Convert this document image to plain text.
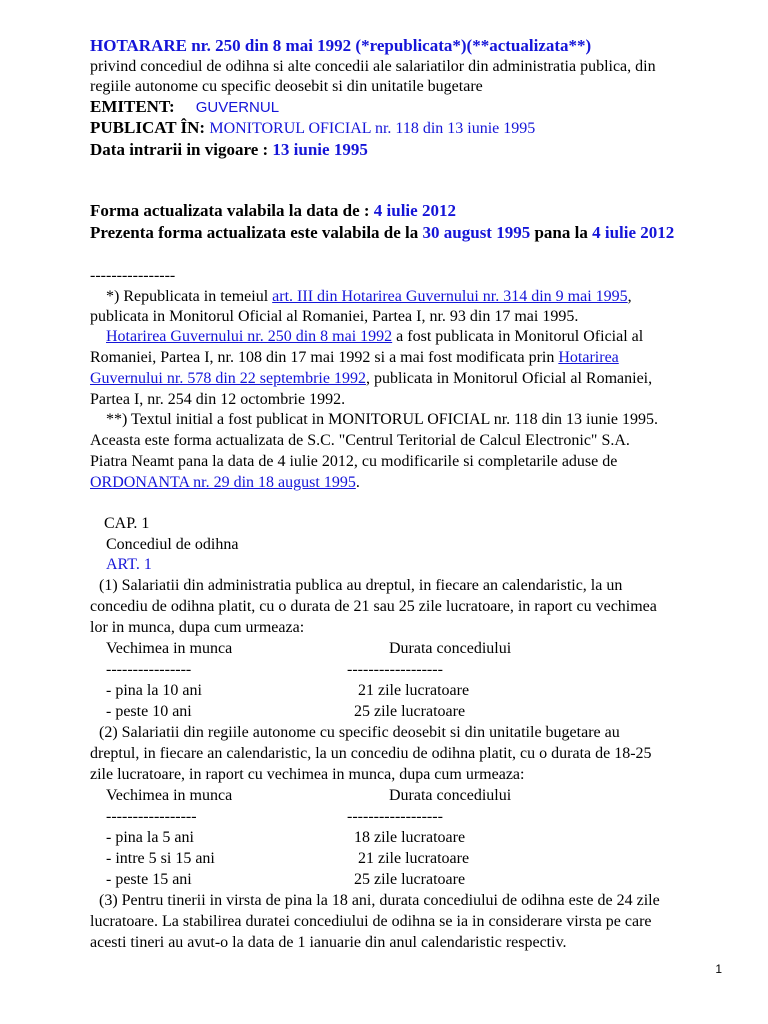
HOTARARE nr. 250 din 8 mai 1992 (*republicata*)(**actualizata**)
privind concediul de odihna si alte concedii ale salariatilor din administratia publica, din
regiile autonome cu specific deosebit si din unitatile bugetare
EMITENT: GUVERNUL
PUBLICAT ÎN: MONITORUL OFICIAL nr. 118 din 13 iunie 1995
Data intrarii in vigoare : 13 iunie 1995
Forma actualizata valabila la data de : 4 iulie 2012
Prezenta forma actualizata este valabila de la 30 august 1995 pana la 4 iulie 2012
----------------
*) Republicata in temeiul art. III din Hotarirea Guvernului nr. 314 din 9 mai 1995,
publicata in Monitorul Oficial al Romaniei, Partea I, nr. 93 din 17 mai 1995.
Hotarirea Guvernului nr. 250 din 8 mai 1992 a fost publicata in Monitorul Oficial al
Romaniei, Partea I, nr. 108 din 17 mai 1992 si a mai fost modificata prin Hotarirea
Guvernului nr. 578 din 22 septembrie 1992, publicata in Monitorul Oficial al Romaniei,
Partea I, nr. 254 din 12 octombrie 1992.
**) Textul initial a fost publicat in MONITORUL OFICIAL nr. 118 din 13 iunie 1995.
Aceasta este forma actualizata de S.C. "Centrul Teritorial de Calcul Electronic" S.A.
Piatra Neamt pana la data de 4 iulie 2012, cu modificarile si completarile aduse de
ORDONANTA nr. 29 din 18 august 1995.
CAP. 1
Concediul de odihna
ART. 1
(1) Salariatii din administratia publica au dreptul, in fiecare an calendaristic, la un
concediu de odihna platit, cu o durata de 21 sau 25 zile lucratoare, in raport cu vechimea
lor in munca, dupa cum urmeaza:
Vechimea in munca	Durata concediului
----------------	------------------
- pina la 10 ani	21 zile lucratoare
- peste 10 ani	25 zile lucratoare
(2) Salariatii din regiile autonome cu specific deosebit si din unitatile bugetare au
dreptul, in fiecare an calendaristic, la un concediu de odihna platit, cu o durata de 18-25
zile lucratoare, in raport cu vechimea in munca, dupa cum urmeaza:
Vechimea in munca	Durata concediului
-----------------	------------------
- pina la 5 ani	18 zile lucratoare
- intre 5 si 15 ani	21 zile lucratoare
- peste 15 ani	25 zile lucratoare
(3) Pentru tinerii in virsta de pina la 18 ani, durata concediului de odihna este de 24 zile
lucratoare. La stabilirea duratei concediului de odihna se ia in considerare virsta pe care
acesti tineri au avut-o la data de 1 ianuarie din anul calendaristic respectiv.
1
